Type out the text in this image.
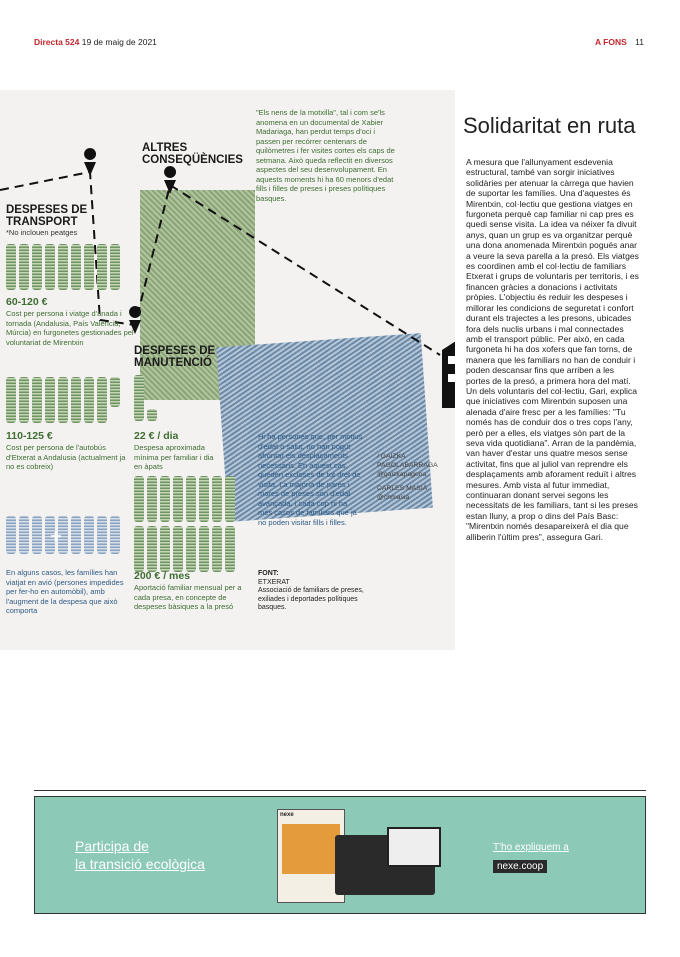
Directa 524 19 de maig de 2021	A FONS 11
DESPESES DE TRANSPORT
*No inclouen peatges
60-120 €
Cost per persona i viatge d'anada i tornada (Andalusia, País Valencià, Múrcia) en furgonetes gestionades pel voluntariat de Mirentxin
110-125 €
Cost per persona de l'autobús d'Etxerat a Andalusia (actualment ja no es cobreix)
+
En alguns casos, les famílies han viatjat en avió (persones impedides per fer-ho en automòbil), amb l'augment de la despesa que això comporta
ALTRES CONSEQÜÈNCIES
"Els nens de la motxilla", tal i com se'ls anomena en un documental de Xabier Madariaga, han perdut temps d'oci i passen per recórrer centenars de quilòmetres i fer visites cortes els caps de setmana. Això queda reflectit en diversos aspectes del seu desenvolupament. En aquests moments hi ha 60 menors d'edat fills i filles de preses i preses polítiques basques.
DESPESES DE MANUTENCIÓ
22 € / dia
Despesa aproximada mínima per familiar i dia en àpats
200 € / mes
Aportació familiar mensual per a cada presa, en concepte de despeses bàsiques a la presó
Hi ha persones que, per motius d'edat o salut, no han pogut afrontar els desplaçaments necessaris. En aquest cas, queden excloses de tot dret de visita. La majoria de pares i mares de preses són d'edat avançada, i cada cop hi ha més casos de familiars que ja no poden visitar fills i filles.
FONT:
ETXERAT
Associació de familiars de preses, exiliades i deportades polítiques basques.
/ GAIZKA
PAGOLABARRAGA
@gaizkapagona
CARLES MASIÀ
@chmasia
Solidaritat en ruta

A mesura que l'allunyament esdevenia estructural, també van sorgir iniciatives solidàries per atenuar la càrrega que havien de suportar les famílies. Una d'aquestes és Mirentxin, col·lectiu que gestiona viatges en furgoneta perquè cap familiar ni cap pres es quedi sense visita. La idea va néixer fa divuit anys, quan un grup es va organitzar perquè una dona anomenada Mirentxin pogués anar a veure la seva parella a la presó. Els viatges es coordinen amb el col·lectiu de familiars Etxerat i grups de voluntaris per territoris, i es financen gràcies a donacions i activitats pròpies. L'objectiu és reduir les despeses i millorar les condicions de seguretat i confort durant els trajectes a les presons, ubicades fora dels nuclis urbans i mal connectades amb el transport públic. Per això, en cada furgoneta hi ha dos xofers que fan torns, de manera que les familiars no han de conduir i poden descansar fins que arriben a les portes de la presó, a primera hora del matí. Un dels voluntaris del col·lectiu, Gari, explica que iniciatives com Mirentxin suposen una alenada d'aire fresc per a les famílies: "Tu només has de conduir dos o tres cops l'any, però per a elles, els viatges són part de la seva vida quotidiana". Arran de la pandèmia, van haver d'estar uns quatre mesos sense activitat, fins que al juliol van reprendre els desplaçaments amb aforament reduït i altres mesures. Amb vista al futur immediat, continuaran donant servei segons les necessitats de les familiars, tant si les preses estan lluny, a prop o dins del País Basc: "Mirentxin només desapareixerà el dia que alliberin l'últim pres", assegura Gari.

Participa de
la transició ecològica
nexe
T'ho expliquem a
nexe.coop
